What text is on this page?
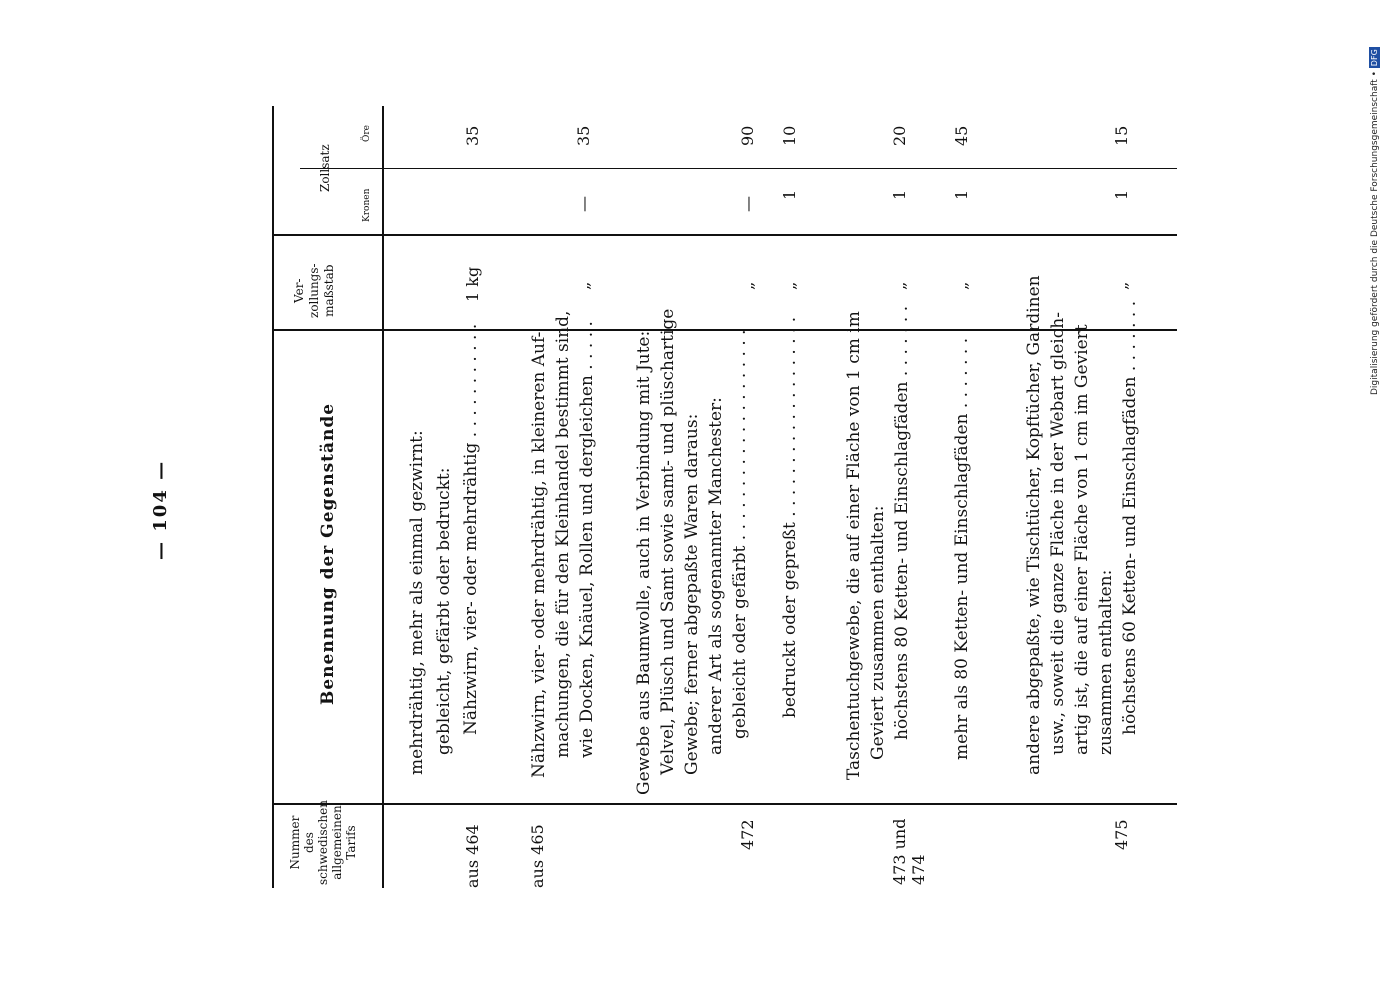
— 104 —
Digitalisierung gefördert durch die Deutsche Forschungsgemeinschaft • DFG
Nummer des schwedischen allgemeinen Tarifs
Benennung der Gegenstände
Ver- zollungs- maßstab
Zollsatz
Kronen
Öre
mehrdrähtig, mehr als einmal gezwirnt: gebleicht, gefärbt oder bedruckt: Nähzwirn, vier- oder mehrdrähtig . . . . . . . . . . .
aus 464
1 kg
35
Nähzwirn, vier- oder mehrdrähtig, in kleineren Auf- machungen, die für den Kleinhandel bestimmt sind, wie Docken, Knäuel, Rollen und dergleichen . . . . .
aus 465
„
—
35
Gewebe aus Baumwolle, auch in Verbindung mit Jute: Velvel, Plüsch und Samt sowie samt- und plüschartige Gewebe; ferner abgepaßte Waren daraus: anderer Art als sogenannter Manchester: gebleicht oder gefärbt . . . . . . . . . . . . . . . . . . . .
472
„
—
90
bedruckt oder gepreßt . . . . . . . . . . . . . . . . . . .
„
1
10
Taschentuchgewebe, die auf einer Fläche von 1 cm im Geviert zusammen enthalten: höchstens 80 Ketten- und Einschlagfäden . . . . . . .
473 und 474
„
1
20
mehr als 80 Ketten- und Einschlagfäden . . . . . . .
„
1
45
andere abgepaßte, wie Tischtücher, Kopftücher, Gardinen usw., soweit die ganze Fläche in der Webart gleich- artig ist, die auf einer Fläche von 1 cm im Geviert zusammen enthalten: höchstens 60 Ketten- und Einschlagfäden . . . . . . .
475
„
1
15
